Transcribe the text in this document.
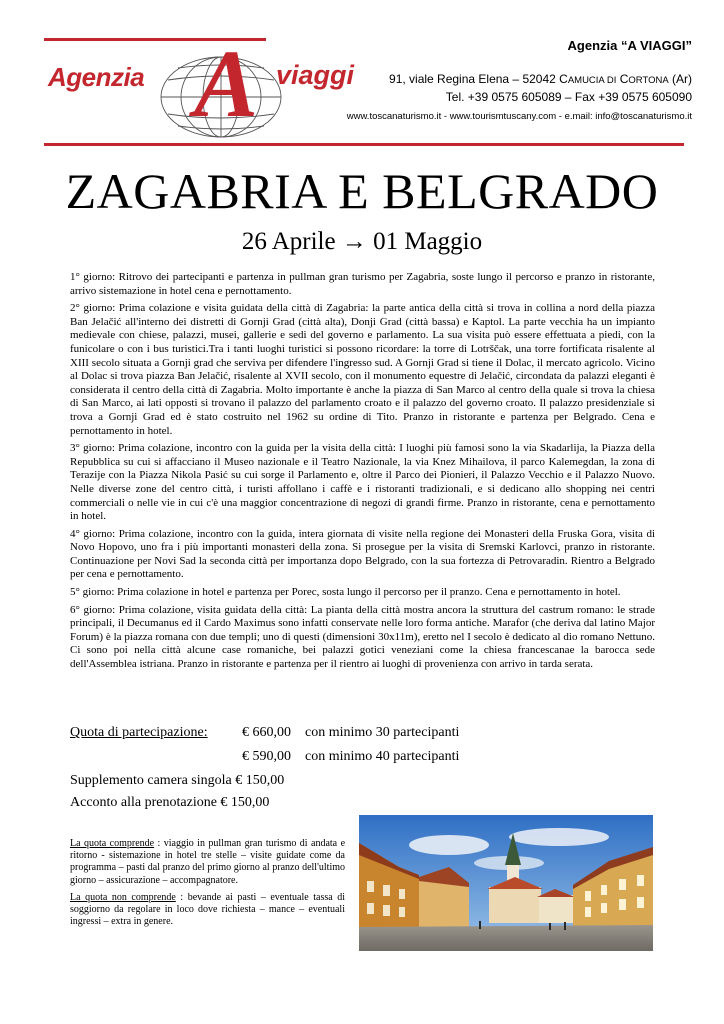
Agenzia A viaggi
Agenzia “A VIAGGI”
91, viale Regina Elena – 52042 CAMUCIA DI CORTONA (Ar)
Tel. +39 0575 605089 – Fax +39 0575 605090
www.toscanaturismo.it - www.tourismtuscany.com - e.mail: info@toscanaturismo.it
ZAGABRIA E BELGRADO
26 Aprile → 01 Maggio

1° giorno: Ritrovo dei partecipanti e partenza in pullman gran turismo per Zagabria, soste lungo il percorso e pranzo in ristorante, arrivo sistemazione in hotel cena e pernottamento.

2° giorno: Prima colazione e visita guidata della città di Zagabria: la parte antica della città si trova in collina a nord della piazza Ban Jelačić all'interno dei distretti di Gornji Grad (città alta), Donji Grad (città bassa) e Kaptol. La parte vecchia ha un impianto medievale con chiese, palazzi, musei, gallerie e sedi del governo e parlamento. La sua visita può essere effettuata a piedi, con la funicolare o con i bus turistici.Tra i tanti luoghi turistici si possono ricordare: la torre di Lotrščak, una torre fortificata risalente al XIII secolo situata a Gornji grad che serviva per difendere l'ingresso sud. A Gornji Grad si tiene il Dolac, il mercato agricolo. Vicino al Dolac si trova piazza Ban Jelačić, risalente al XVII secolo, con il monumento equestre di Jelačić, circondata da palazzi eleganti è considerata il centro della città di Zagabria. Molto importante è anche la piazza di San Marco al centro della quale si trova la chiesa di San Marco, ai lati opposti si trovano il palazzo del parlamento croato e il palazzo del governo croato. Il palazzo presidenziale si trova a Gornji Grad ed è stato costruito nel 1962 su ordine di Tito. Pranzo in ristorante e partenza per Belgrado. Cena e pernottamento in hotel.

3° giorno: Prima colazione, incontro con la guida per la visita della città: I luoghi più famosi sono la via Skadarlija, la Piazza della Repubblica su cui si affacciano il Museo nazionale e il Teatro Nazionale, la via Knez Mihailova, il parco Kalemegdan, la zona di Terazije con la Piazza Nikola Pasić su cui sorge il Parlamento e, oltre il Parco dei Pionieri, il Palazzo Vecchio e il Palazzo Nuovo. Nelle diverse zone del centro città, i turisti affollano i caffè e i ristoranti tradizionali, e si dedicano allo shopping nei centri commerciali o nelle vie in cui c'è una maggior concentrazione di negozi di grandi firme. Pranzo in ristorante, cena e pernottamento in hotel.

4° giorno: Prima colazione, incontro con la guida, intera giornata di visite nella regione dei Monasteri della Fruska Gora, visita di Novo Hopovo, uno fra i più importanti monasteri della zona. Si prosegue per la visita di Sremski Karlovci, pranzo in ristorante. Continuazione per Novi Sad la seconda città per importanza dopo Belgrado, con la sua fortezza di Petrovaradin. Rientro a Belgrado per cena e pernottamento.

5° giorno: Prima colazione in hotel e partenza per Porec, sosta lungo il percorso per il pranzo. Cena e pernottamento in hotel.

6° giorno: Prima colazione, visita guidata della città: La pianta della città mostra ancora la struttura del castrum romano: le strade principali, il Decumanus ed il Cardo Maximus sono infatti conservate nelle loro forma antiche. Marafor (che deriva dal latino Major Forum) è la piazza romana con due templi; uno di questi (dimensioni 30x11m), eretto nel I secolo è dedicato al dio romano Nettuno. Ci sono poi nella città alcune case romaniche, bei palazzi gotici veneziani come la chiesa francescanae la barocca sede dell'Assemblea istriana. Pranzo in ristorante e partenza per il rientro ai luoghi di provenienza con arrivo in tarda serata.

Quota di partecipazione: € 660,00 con minimo 30 partecipanti
€ 590,00 con minimo 40 partecipanti
Supplemento camera singola € 150,00
Acconto alla prenotazione € 150,00

La quota comprende : viaggio in pullman gran turismo di andata e ritorno - sistemazione in hotel tre stelle – visite guidate come da programma – pasti dal pranzo del primo giorno al pranzo dell'ultimo giorno – assicurazione – accompagnatore.

La quota non comprende : bevande ai pasti – eventuale tassa di soggiorno da regolare in loco dove richiesta – mance – eventuali ingressi – extra in genere.
